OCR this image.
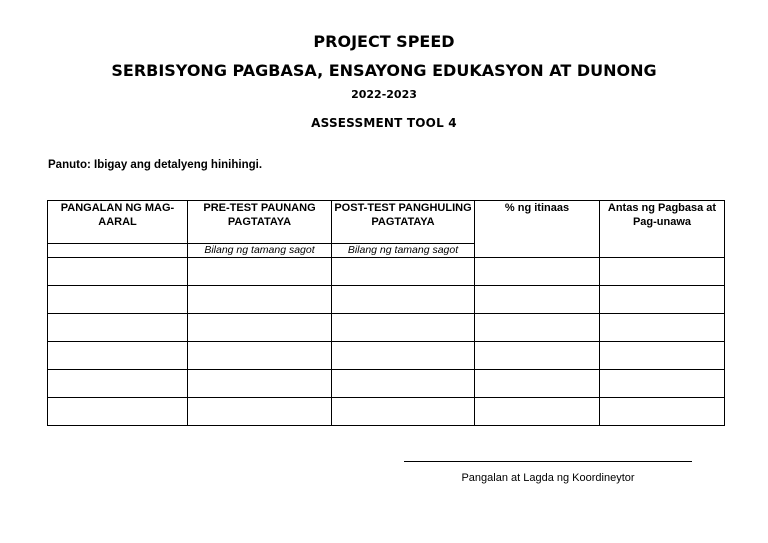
PROJECT SPEED
SERBISYONG PAGBASA, ENSAYONG EDUKASYON AT DUNONG
2022-2023
ASSESSMENT TOOL 4
Panuto: Ibigay ang detalyeng hinihingi.
PANGALAN NG MAG-AARAL	PRE-TEST PAUNANG PAGTATAYA	POST-TEST PANGHULING PAGTATAYA	% ng itinaas	Antas ng Pagbasa at Pag-unawa
	Bilang ng tamang sagot	Bilang ng tamang sagot		

Pangalan at Lagda ng Koordineytor
